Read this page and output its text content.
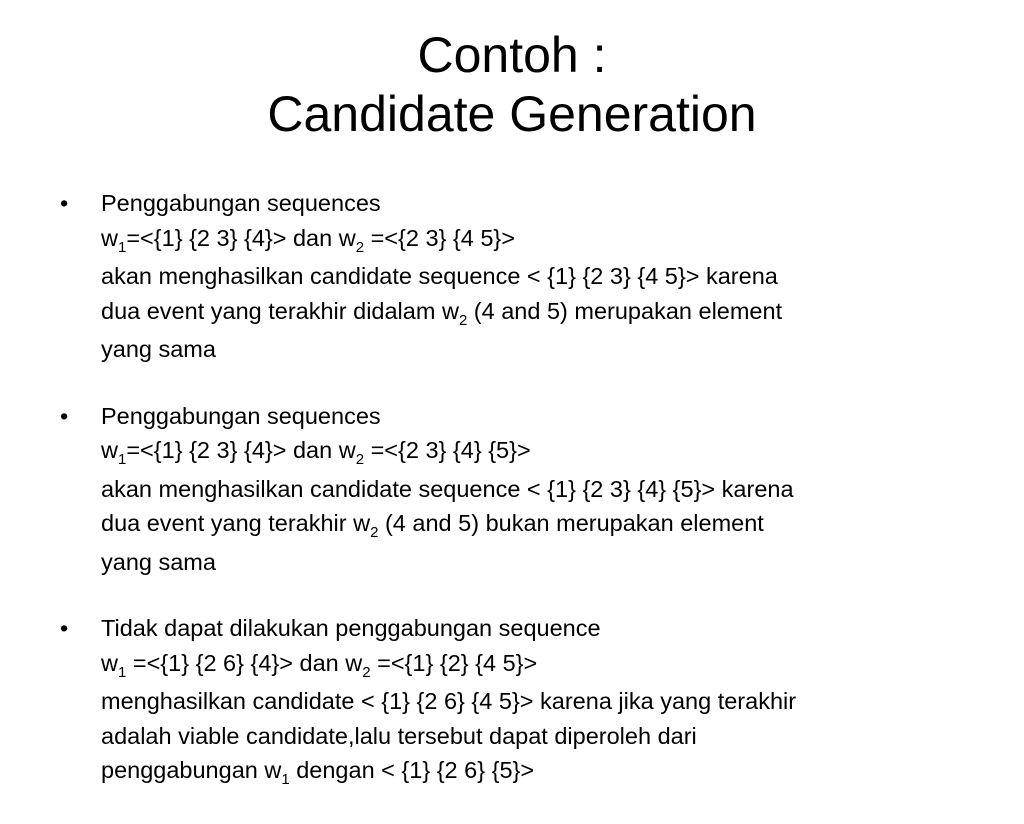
Contoh :
Candidate Generation
• Penggabungan sequences
$w_1=<\{1\}$ {2 3} {4}> dan $w_2 =<\{2$ 3} {4 5}>
akan menghasilkan candidate sequence < {1} {2 3} {4 5}> karena
dua event yang terakhir didalam $w_2$ (4 and 5) merupakan element
yang sama
• Penggabungan sequences
$w_1=<\{1\}$ {2 3} {4}> dan $w_2 =<\{2$ 3} {4} {5}>
akan menghasilkan candidate sequence < {1} {2 3} {4} {5}> karena
dua event yang terakhir $w_2$ (4 and 5) bukan merupakan element
yang sama
• Tidak dapat dilakukan penggabungan sequence
$w_1 =<\{1\}$ {2 6} {4}> dan $w_2 =<\{1\}$ {2} {4 5}>
menghasilkan candidate < {1} {2 6} {4 5}> karena jika yang terakhir
adalah viable candidate,lalu tersebut dapat diperoleh dari
penggabungan $w_1$ dengan < {1} {2 6} {5}>
